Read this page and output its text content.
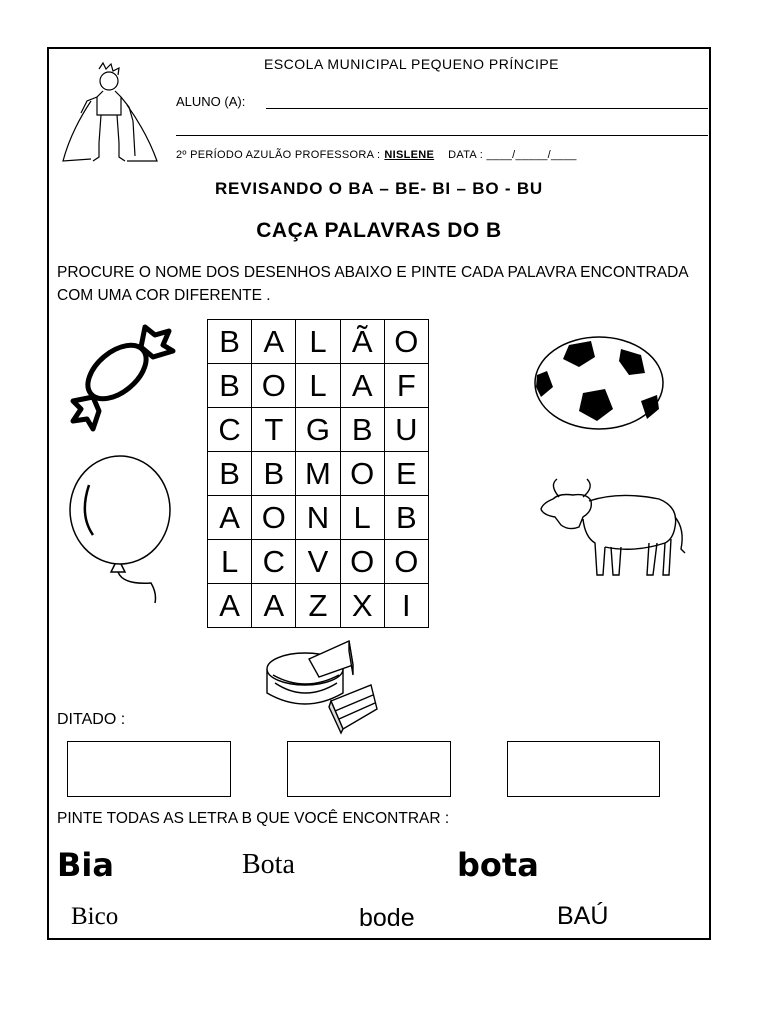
ESCOLA MUNICIPAL PEQUENO PRÍNCIPE
ALUNO (A):
2º PERÍODO AZULÃO PROFESSORA : NISLENE DATA : ____/_____/____
REVISANDO O BA – BE- BI – BO - BU
CAÇA PALAVRAS DO B
PROCURE O NOME DOS DESENHOS ABAIXO E PINTE CADA PALAVRA ENCONTRADA COM UMA COR DIFERENTE .
B	A	L	Ã	O
B	O	L	A	F
C	T	G	B	U
B	B	M	O	E
A	O	N	L	B
L	C	V	O	O
A	A	Z	X	I
DITADO :
PINTE TODAS AS LETRA B QUE VOCÊ ENCONTRAR :
Bia	Bota	bota
Bico	bode	BAÚ
